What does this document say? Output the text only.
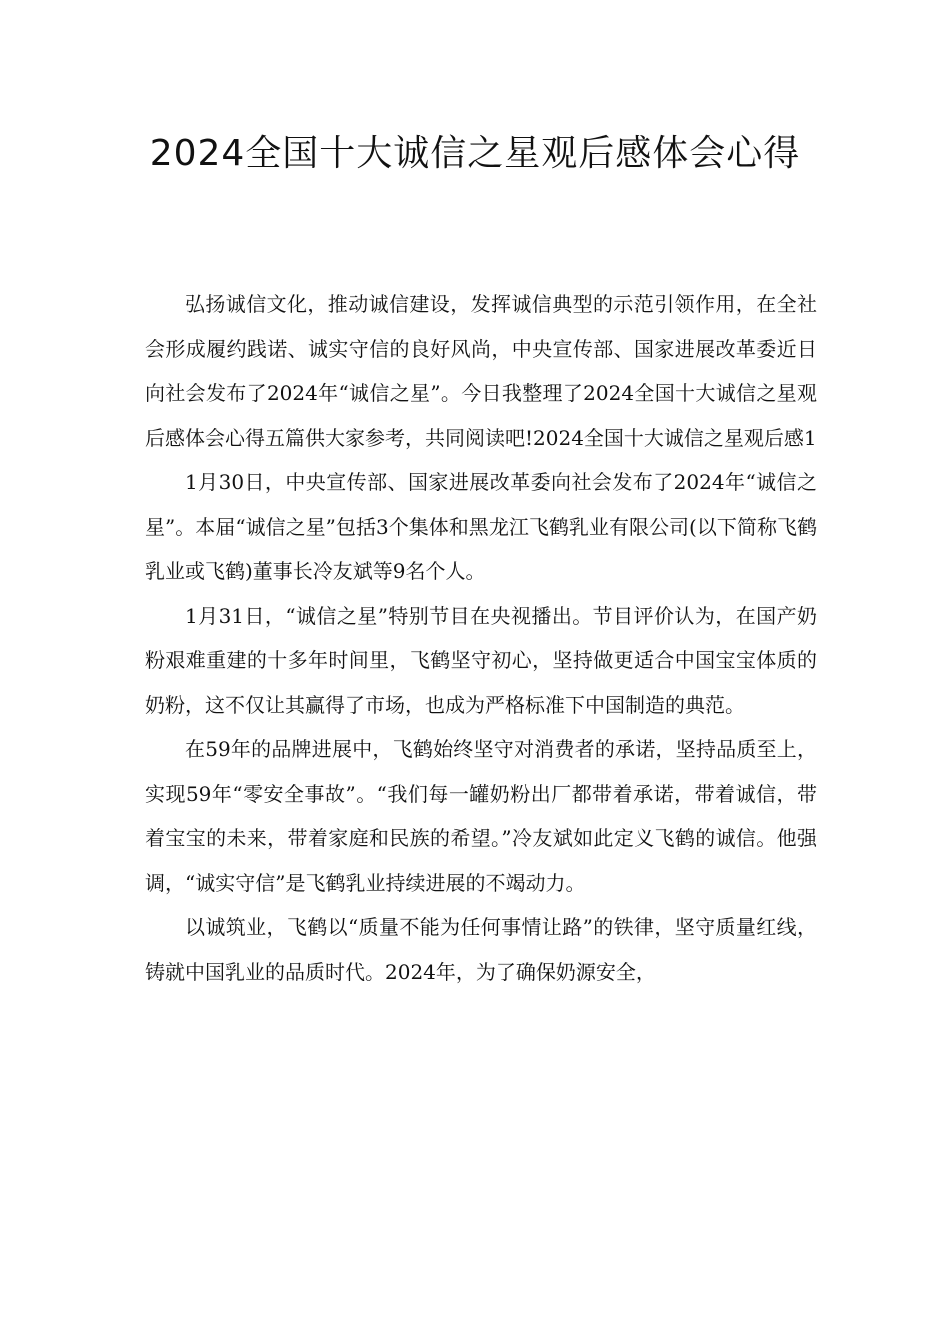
2024全国十大诚信之星观后感体会心得

弘扬诚信文化，推动诚信建设，发挥诚信典型的示范引领作用，在全社会形成履约践诺、诚实守信的良好风尚，中央宣传部、国家进展改革委近日向社会发布了2024年“诚信之星”。今日我整理了2024全国十大诚信之星观后感体会心得五篇供大家参考，共同阅读吧!2024全国十大诚信之星观后感1

1月30日，中央宣传部、国家进展改革委向社会发布了2024年“诚信之星”。本届“诚信之星”包括3个集体和黑龙江飞鹤乳业有限公司(以下简称飞鹤乳业或飞鹤)董事长冷友斌等9名个人。

1月31日，“诚信之星”特别节目在央视播出。节目评价认为，在国产奶粉艰难重建的十多年时间里，飞鹤坚守初心，坚持做更适合中国宝宝体质的奶粉，这不仅让其赢得了市场，也成为严格标准下中国制造的典范。

在59年的品牌进展中，飞鹤始终坚守对消费者的承诺，坚持品质至上，实现59年“零安全事故”。“我们每一罐奶粉出厂都带着承诺，带着诚信，带着宝宝的未来，带着家庭和民族的希望。”冷友斌如此定义飞鹤的诚信。他强调，“诚实守信”是飞鹤乳业持续进展的不竭动力。

以诚筑业，飞鹤以“质量不能为任何事情让路”的铁律，坚守质量红线，铸就中国乳业的品质时代。2024年，为了确保奶源安全，
